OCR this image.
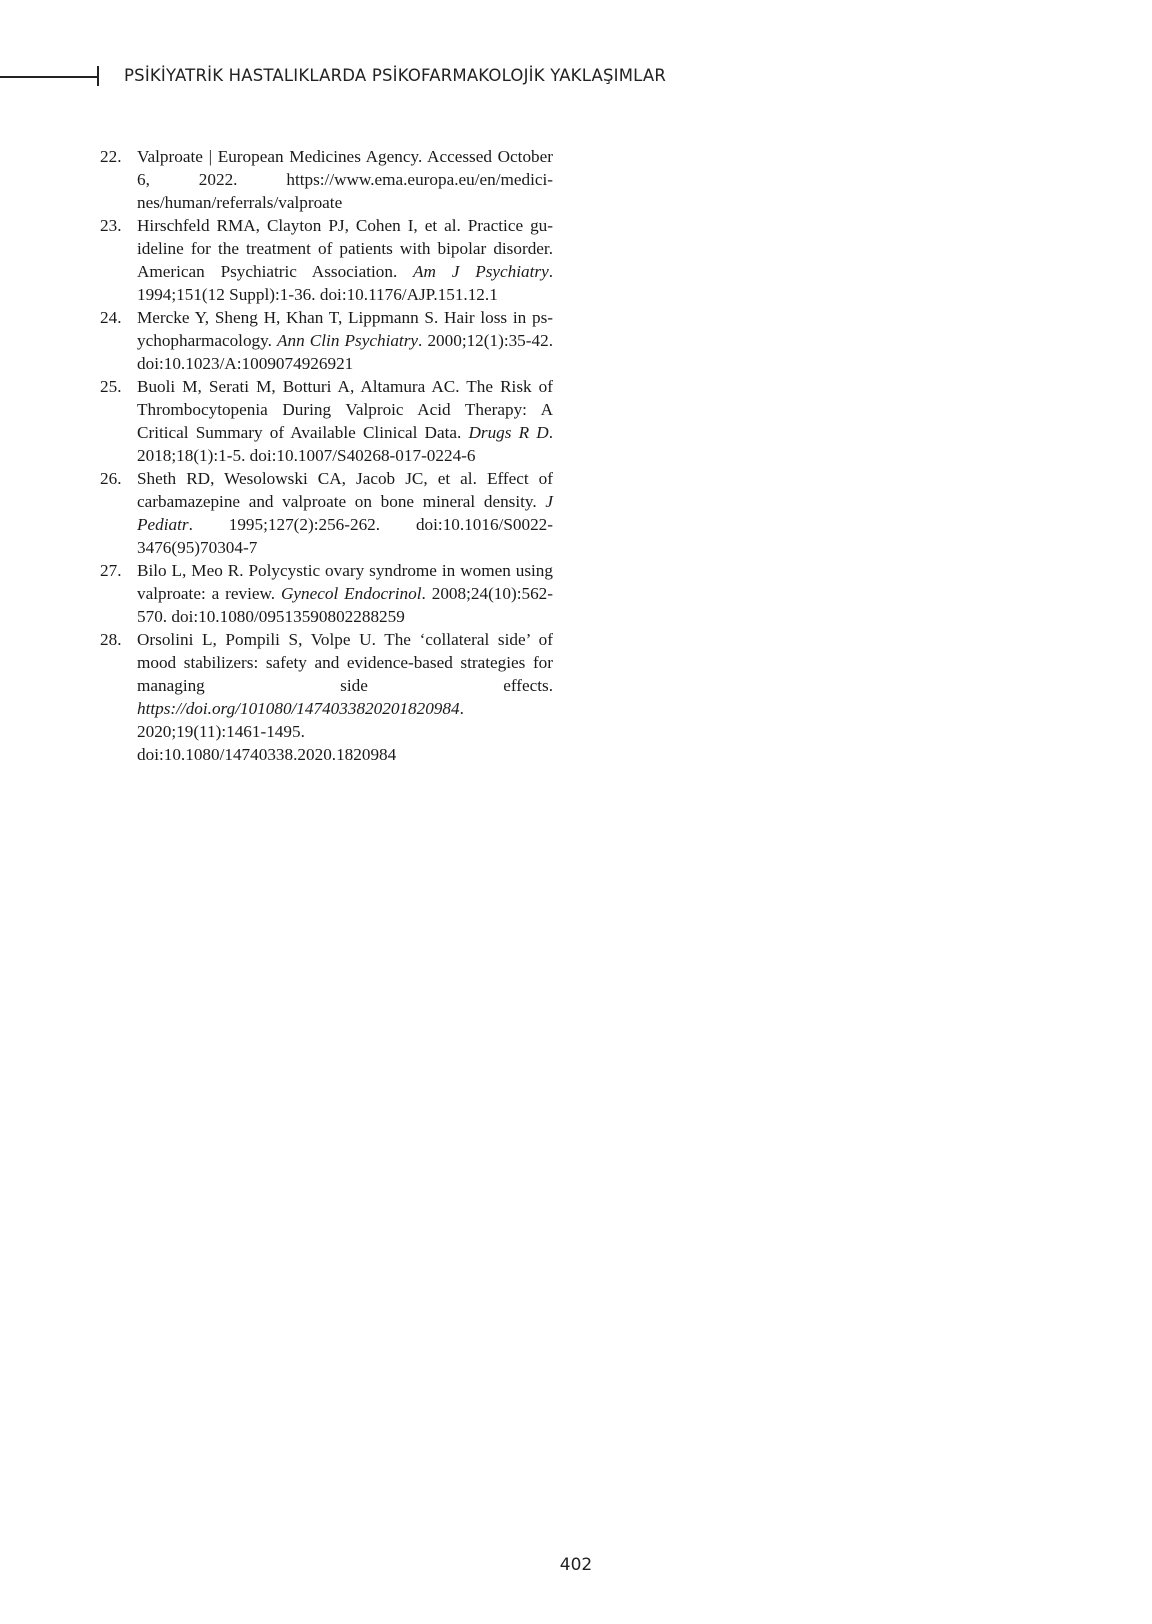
PSİKİYATRİK HASTALIKLARDA PSİKOFARMAKOLOJİK YAKLAŞIMLAR
22. Valproate | European Medicines Agency. Accessed October 6, 2022. https://www.ema.europa.eu/en/medicines/human/referrals/valproate
23. Hirschfeld RMA, Clayton PJ, Cohen I, et al. Practice guideline for the treatment of patients with bipolar disorder. American Psychiatric Association. Am J Psychiatry. 1994;151(12 Suppl):1-36. doi:10.1176/AJP.151.12.1
24. Mercke Y, Sheng H, Khan T, Lippmann S. Hair loss in psychopharmacology. Ann Clin Psychiatry. 2000;12(1):35-42. doi:10.1023/A:1009074926921
25. Buoli M, Serati M, Botturi A, Altamura AC. The Risk of Thrombocytopenia During Valproic Acid Therapy: A Critical Summary of Available Clinical Data. Drugs R D. 2018;18(1):1-5. doi:10.1007/S40268-017-0224-6
26. Sheth RD, Wesolowski CA, Jacob JC, et al. Effect of carbamazepine and valproate on bone mineral density. J Pediatr. 1995;127(2):256-262. doi:10.1016/S0022-3476(95)70304-7
27. Bilo L, Meo R. Polycystic ovary syndrome in women using valproate: a review. Gynecol Endocrinol. 2008;24(10):562-570. doi:10.1080/09513590802288259
28. Orsolini L, Pompili S, Volpe U. The ‘collateral side’ of mood stabilizers: safety and evidence-based strategies for managing side effects. https://doi.org/101080/1474033820201820984. 2020;19(11):1461-1495. doi:10.1080/14740338.2020.1820984
402
